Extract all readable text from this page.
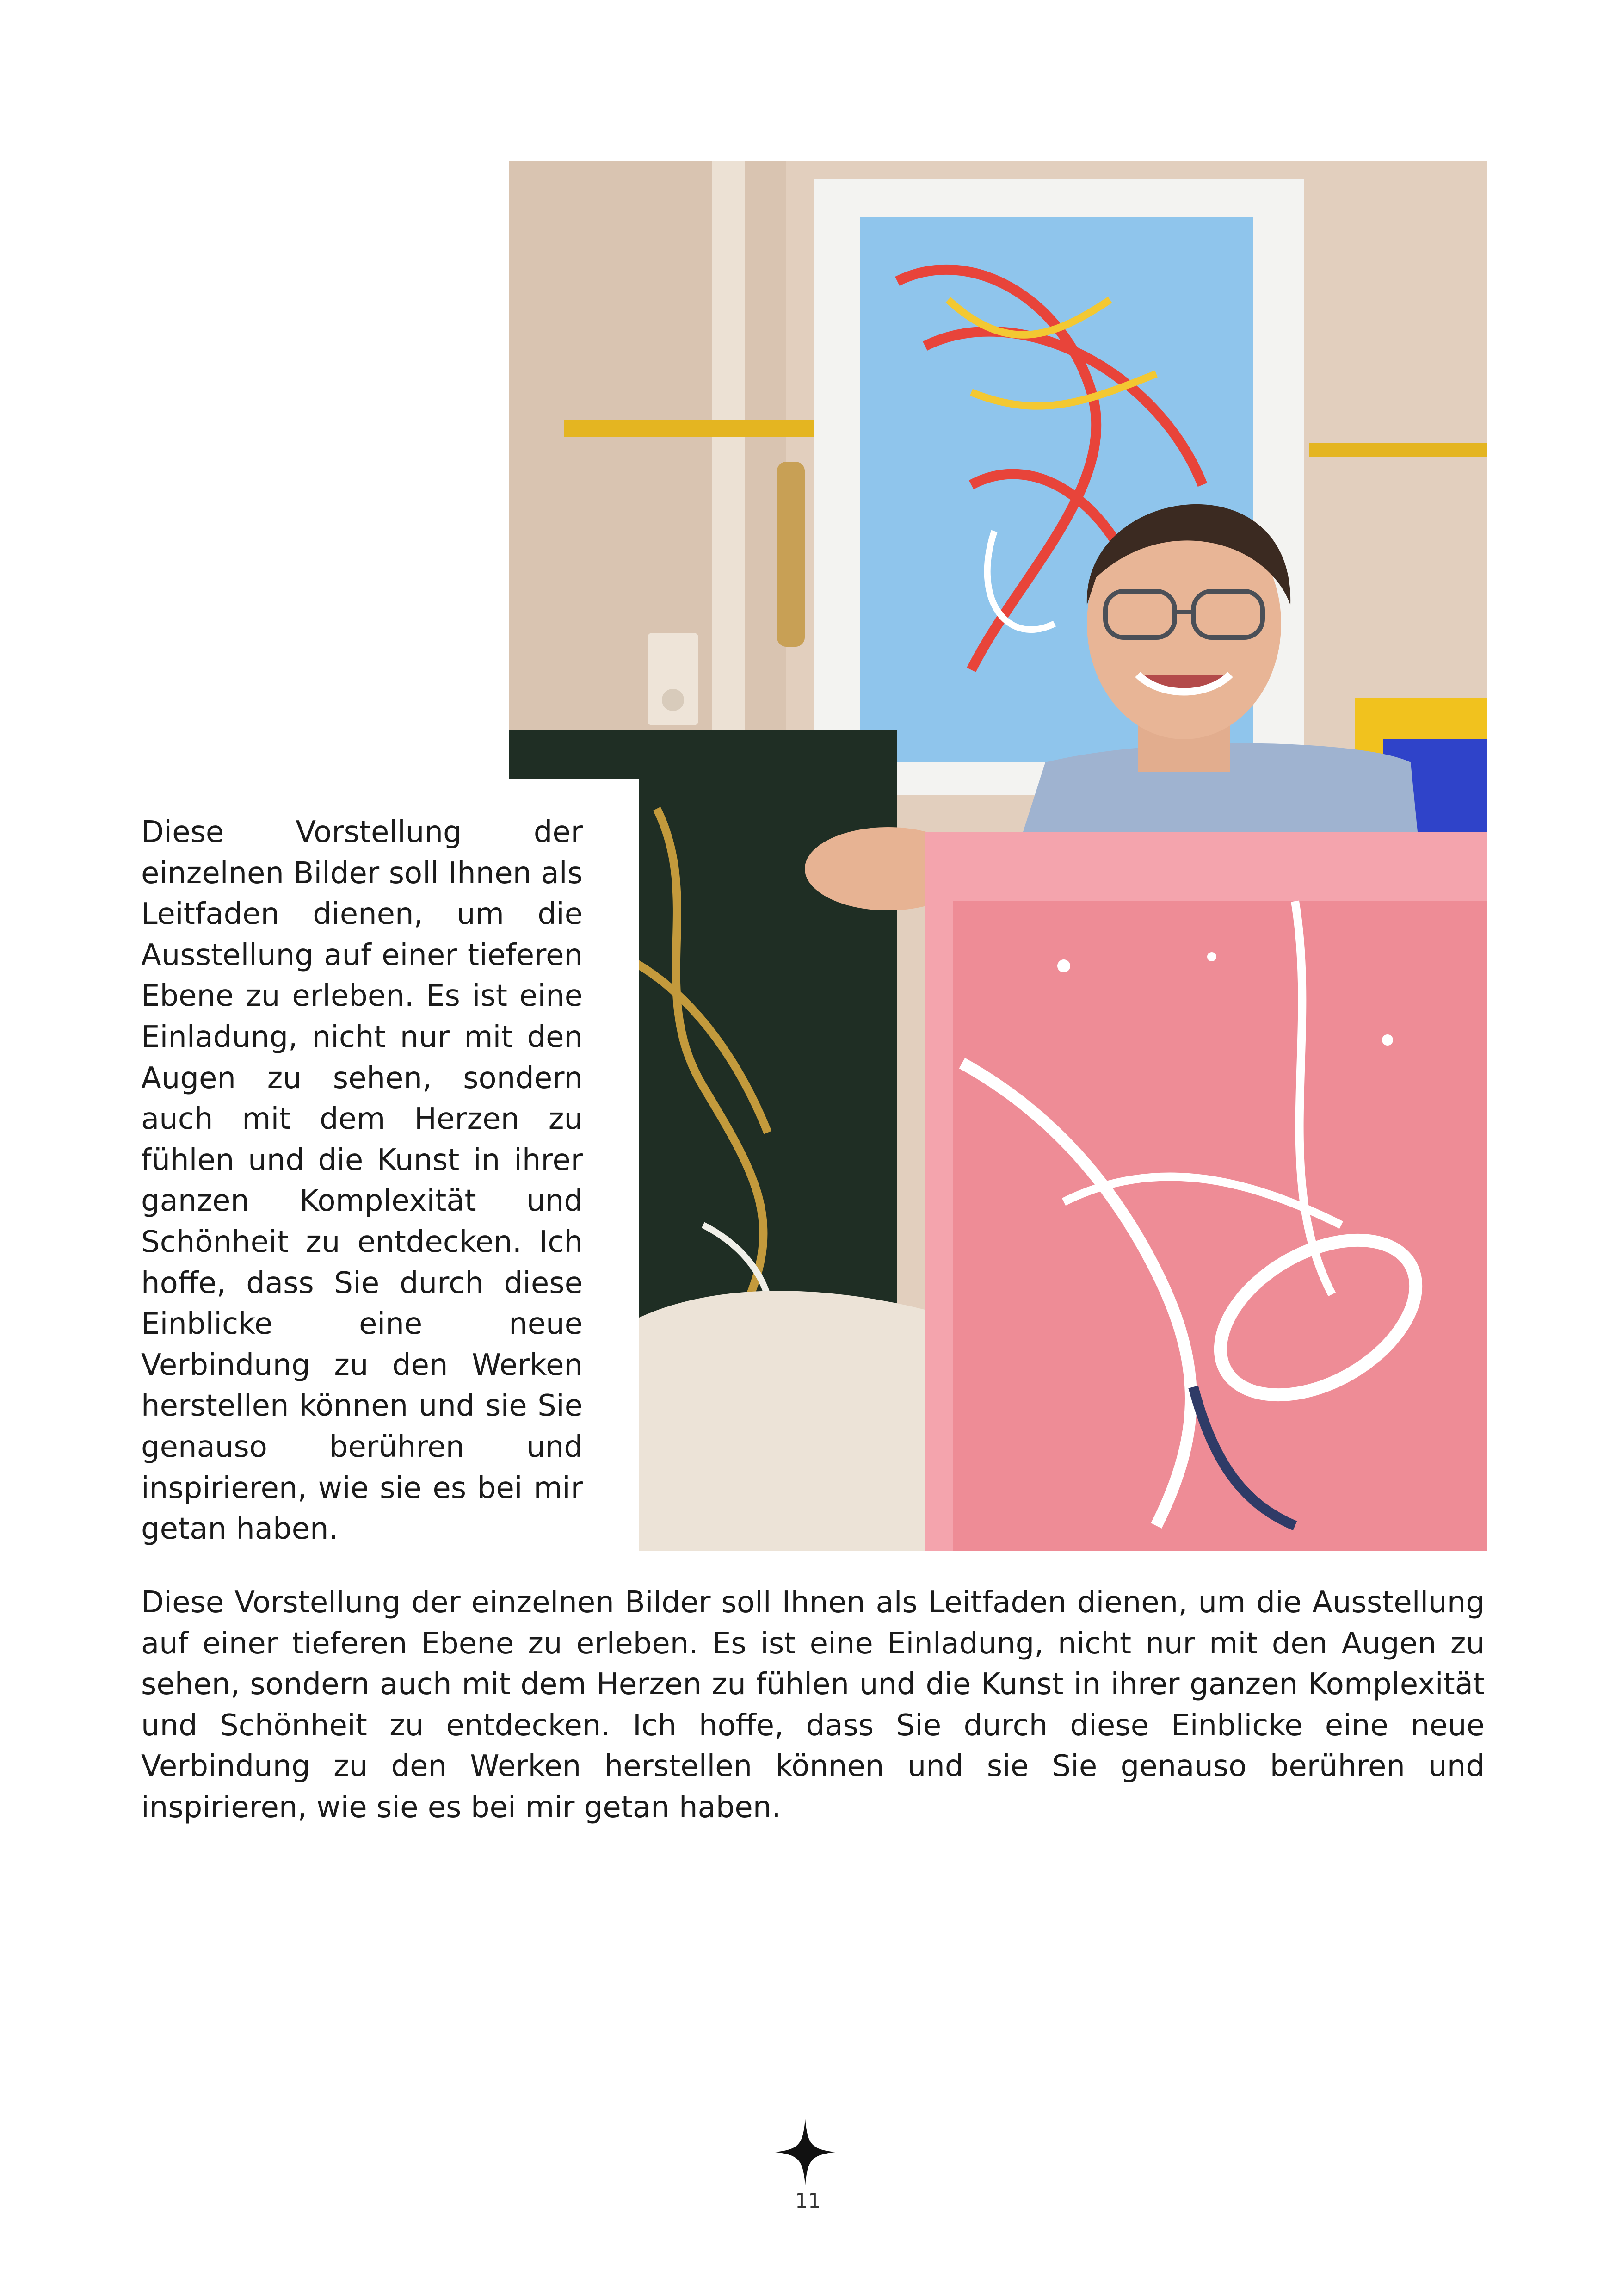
Diese Vorstellung der einzelnen Bilder soll Ihnen als Leitfaden dienen, um die Ausstellung auf einer tieferen Ebene zu erleben. Es ist eine Einladung, nicht nur mit den Augen zu sehen, sondern auch mit dem Herzen zu fühlen und die Kunst in ihrer ganzen Komplexität und Schönheit zu entdecken. Ich hoffe, dass Sie durch diese Einblicke eine neue Verbindung zu den Werken herstellen können und sie Sie genauso berühren und inspirieren, wie sie es bei mir getan haben.

Diese Vorstellung der einzelnen Bilder soll Ihnen als Leitfaden dienen, um die Ausstellung auf einer tieferen Ebene zu erleben. Es ist eine Einladung, nicht nur mit den Augen zu sehen, sondern auch mit dem Herzen zu fühlen und die Kunst in ihrer ganzen Komplexität und Schönheit zu entdecken. Ich hoffe, dass Sie durch diese Einblicke eine neue Verbindung zu den Werken herstellen können und sie Sie genauso berühren und inspirieren, wie sie es bei mir getan haben.

11
